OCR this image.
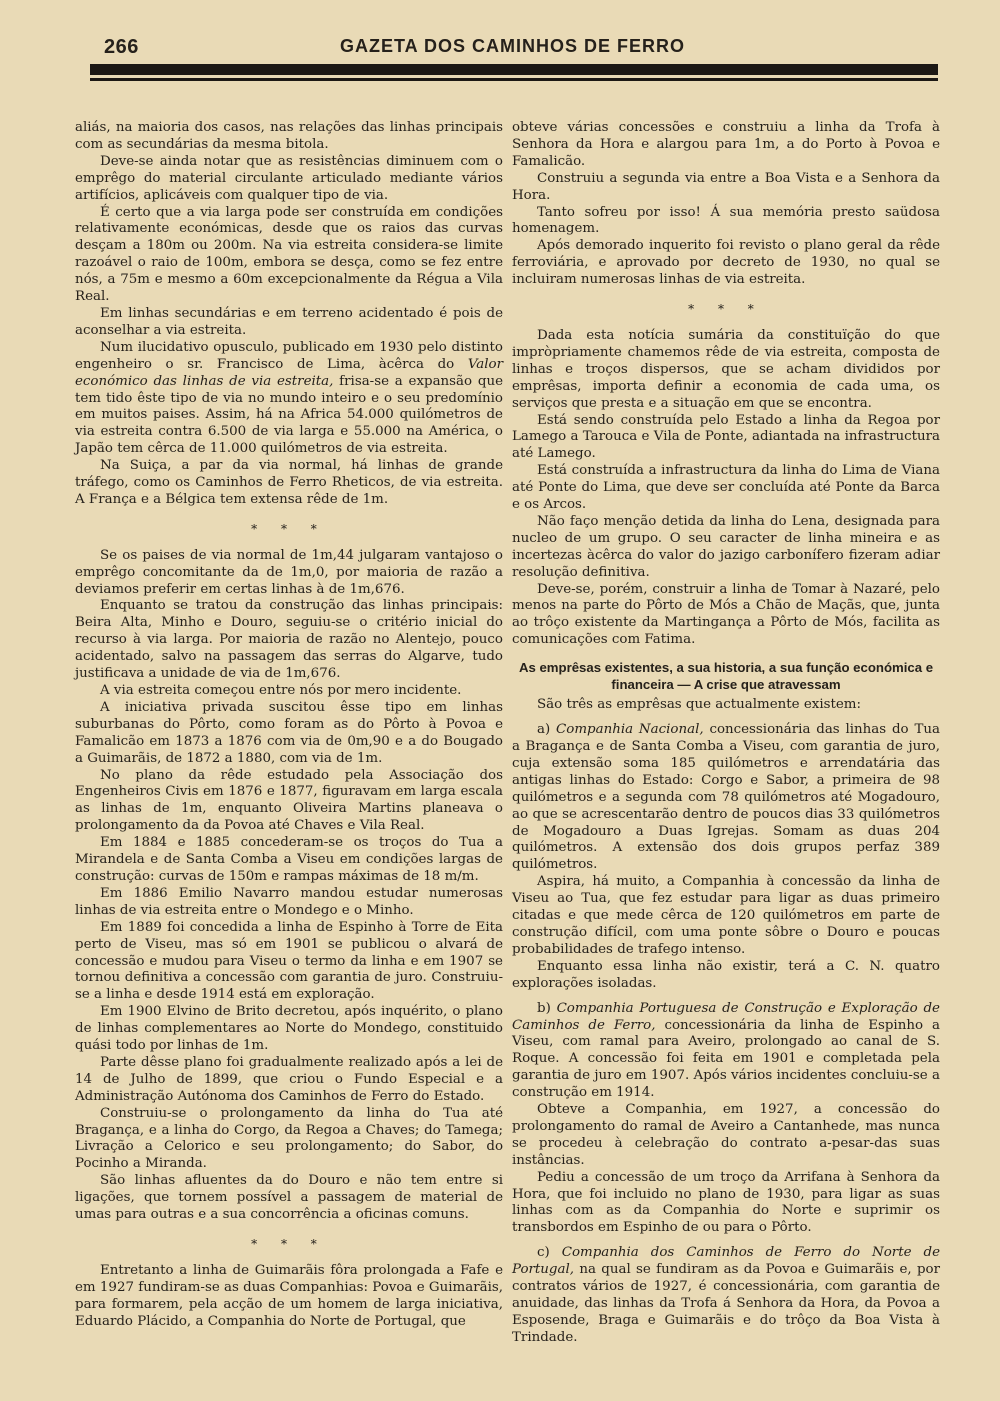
266	GAZETA DOS CAMINHOS DE FERRO

aliás, na maioria dos casos, nas relações das linhas principais com as secundárias da mesma bitola.

Deve-se ainda notar que as resistências diminuem com o emprêgo do material circulante articulado mediante vários artifícios, aplicáveis com qualquer tipo de via.

É certo que a via larga pode ser construída em condições relativamente económicas, desde que os raios das curvas desçam a 180m ou 200m. Na via estreita considera-se limite razoável o raio de 100m, embora se desça, como se fez entre nós, a 75m e mesmo a 60m excepcionalmente da Régua a Vila Real.

Em linhas secundárias e em terreno acidentado é pois de aconselhar a via estreita.

Num ilucidativo opusculo, publicado em 1930 pelo distinto engenheiro o sr. Francisco de Lima, àcêrca do Valor económico das linhas de via estreita, frisa-se a expansão que tem tido êste tipo de via no mundo inteiro e o seu predomínio em muitos paises. Assim, há na Africa 54.000 quilómetros de via estreita contra 6.500 de via larga e 55.000 na América, o Japão tem cêrca de 11.000 quilómetros de via estreita.

Na Suiça, a par da via normal, há linhas de grande tráfego, como os Caminhos de Ferro Rheticos, de via estreita. A França e a Bélgica tem extensa rêde de 1m.

* * *

Se os paises de via normal de 1m,44 julgaram vantajoso o emprêgo concomitante da de 1m,0, por maioria de razão a deviamos preferir em certas linhas à de 1m,676.

Enquanto se tratou da construção das linhas principais: Beira Alta, Minho e Douro, seguiu-se o critério inicial do recurso à via larga. Por maioria de razão no Alentejo, pouco acidentado, salvo na passagem das serras do Algarve, tudo justificava a unidade de via de 1m,676.

A via estreita começou entre nós por mero incidente.

A iniciativa privada suscitou êsse tipo em linhas suburbanas do Pôrto, como foram as do Pôrto à Povoa e Famalicão em 1873 a 1876 com via de 0m,90 e a do Bougado a Guimarãis, de 1872 a 1880, com via de 1m.

No plano da rêde estudado pela Associação dos Engenheiros Civis em 1876 e 1877, figuravam em larga escala as linhas de 1m, enquanto Oliveira Martins planeava o prolongamento da da Povoa até Chaves e Vila Real.

Em 1884 e 1885 concederam-se os troços do Tua a Mirandela e de Santa Comba a Viseu em condições largas de construção: curvas de 150m e rampas máximas de 18 m/m.

Em 1886 Emilio Navarro mandou estudar numerosas linhas de via estreita entre o Mondego e o Minho.

Em 1889 foi concedida a linha de Espinho à Torre de Eita perto de Viseu, mas só em 1901 se publicou o alvará de concessão e mudou para Viseu o termo da linha e em 1907 se tornou definitiva a concessão com garantia de juro. Construiu-se a linha e desde 1914 está em exploração.

Em 1900 Elvino de Brito decretou, após inquérito, o plano de linhas complementares ao Norte do Mondego, constituido quási todo por linhas de 1m.

Parte dêsse plano foi gradualmente realizado após a lei de 14 de Julho de 1899, que criou o Fundo Especial e a Administração Autónoma dos Caminhos de Ferro do Estado.

Construiu-se o prolongamento da linha do Tua até Bragança, e a linha do Corgo, da Regoa a Chaves; do Tamega; Livração a Celorico e seu prolongamento; do Sabor, do Pocinho a Miranda.

São linhas afluentes da do Douro e não tem entre si ligações, que tornem possível a passagem de material de umas para outras e a sua concorrência a oficinas comuns.

* * *

Entretanto a linha de Guimarãis fôra prolongada a Fafe e em 1927 fundiram-se as duas Companhias: Povoa e Guimarãis, para formarem, pela acção de um homem de larga iniciativa, Eduardo Plácido, a Companhia do Norte de Portugal, que

obteve várias concessões e construiu a linha da Trofa à Senhora da Hora e alargou para 1m, a do Porto à Povoa e Famalicão.

Construiu a segunda via entre a Boa Vista e a Senhora da Hora.

Tanto sofreu por isso! Á sua memória presto saüdosa homenagem.

Após demorado inquerito foi revisto o plano geral da rêde ferroviária, e aprovado por decreto de 1930, no qual se incluiram numerosas linhas de via estreita.

* * *

Dada esta notícia sumária da constituïção do que impròpriamente chamemos rêde de via estreita, composta de linhas e troços dispersos, que se acham divididos por emprêsas, importa definir a economia de cada uma, os serviços que presta e a situação em que se encontra.

Está sendo construída pelo Estado a linha da Regoa por Lamego a Tarouca e Vila de Ponte, adiantada na infrastructura até Lamego.

Está construída a infrastructura da linha do Lima de Viana até Ponte do Lima, que deve ser concluída até Ponte da Barca e os Arcos.

Não faço menção detida da linha do Lena, designada para nucleo de um grupo. O seu caracter de linha mineira e as incertezas àcêrca do valor do jazigo carbonífero fizeram adiar resolução definitiva.

Deve-se, porém, construir a linha de Tomar à Nazaré, pelo menos na parte do Pôrto de Mós a Chão de Maçãs, que, junta ao trôço existente da Martingança a Pôrto de Mós, facilita as comunicações com Fatima.

As emprêsas existentes, a sua historia, a sua função económica e financeira — A crise que atravessam

São três as emprêsas que actualmente existem:

a) Companhia Nacional, concessionária das linhas do Tua a Bragança e de Santa Comba a Viseu, com garantia de juro, cuja extensão soma 185 quilómetros e arrendatária das antigas linhas do Estado: Corgo e Sabor, a primeira de 98 quilómetros e a segunda com 78 quilómetros até Mogadouro, ao que se acrescentarão dentro de poucos dias 33 quilómetros de Mogadouro a Duas Igrejas. Somam as duas 204 quilómetros. A extensão dos dois grupos perfaz 389 quilómetros.

Aspira, há muito, a Companhia à concessão da linha de Viseu ao Tua, que fez estudar para ligar as duas primeiro citadas e que mede cêrca de 120 quilómetros em parte de construção difícil, com uma ponte sôbre o Douro e poucas probabilidades de trafego intenso.

Enquanto essa linha não existir, terá a C. N. quatro explorações isoladas.

b) Companhia Portuguesa de Construção e Exploração de Caminhos de Ferro, concessionária da linha de Espinho a Viseu, com ramal para Aveiro, prolongado ao canal de S. Roque. A concessão foi feita em 1901 e completada pela garantia de juro em 1907. Após vários incidentes concluiu-se a construção em 1914.

Obteve a Companhia, em 1927, a concessão do prolongamento do ramal de Aveiro a Cantanhede, mas nunca se procedeu à celebração do contrato a-pesar-das suas instâncias.

Pediu a concessão de um troço da Arrifana à Senhora da Hora, que foi incluido no plano de 1930, para ligar as suas linhas com as da Companhia do Norte e suprimir os transbordos em Espinho de ou para o Pôrto.

c) Companhia dos Caminhos de Ferro do Norte de Portugal, na qual se fundiram as da Povoa e Guimarãis e, por contratos vários de 1927, é concessionária, com garantia de anuidade, das linhas da Trofa á Senhora da Hora, da Povoa a Esposende, Braga e Guimarãis e do trôço da Boa Vista à Trindade.
